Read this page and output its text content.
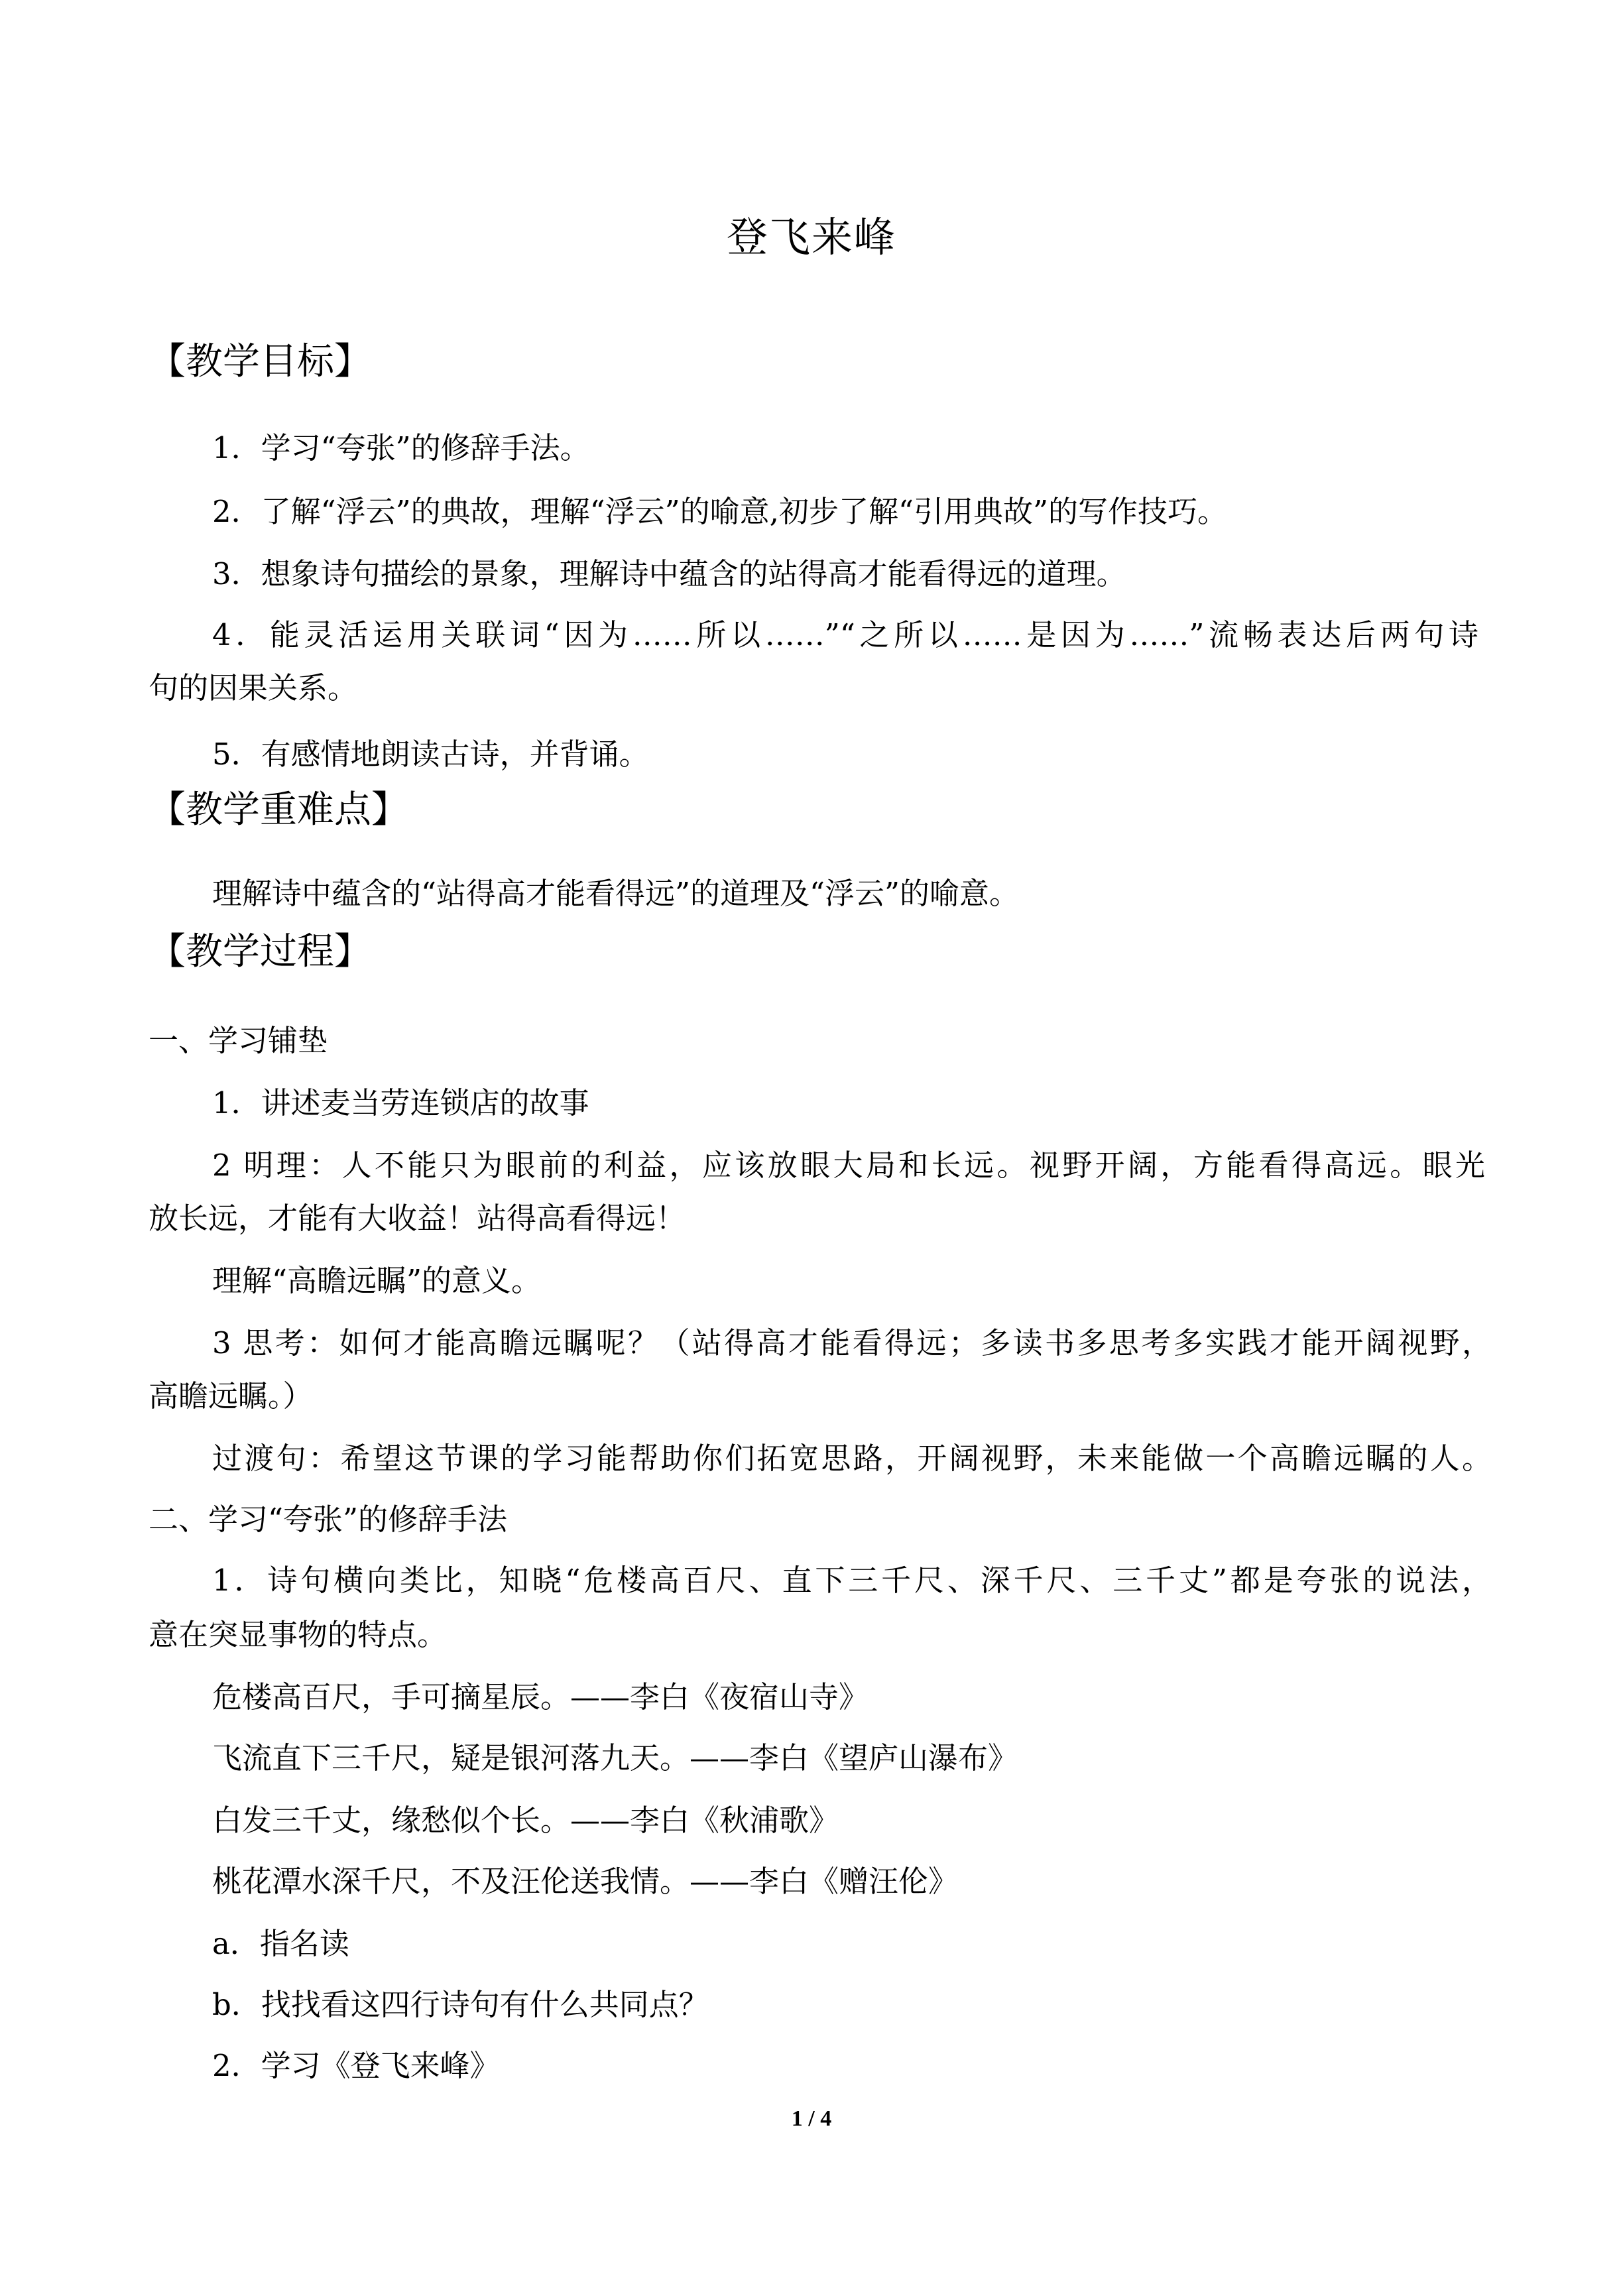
登飞来峰
【教学目标】
1．学习“夸张”的修辞手法。
2．了解“浮云”的典故，理解“浮云”的喻意,初步了解“引用典故”的写作技巧。
3．想象诗句描绘的景象，理解诗中蕴含的站得高才能看得远的道理。
4．能灵活运用关联词“因为……所以……”“之所以……是因为……”流畅表达后两句诗
句的因果关系。
5．有感情地朗读古诗，并背诵。
【教学重难点】
理解诗中蕴含的“站得高才能看得远”的道理及“浮云”的喻意。
【教学过程】
一、学习铺垫
1．讲述麦当劳连锁店的故事
2 明理：人不能只为眼前的利益，应该放眼大局和长远。视野开阔，方能看得高远。眼光
放长远，才能有大收益！站得高看得远！
理解“高瞻远瞩”的意义。
3 思考：如何才能高瞻远瞩呢？（站得高才能看得远；多读书多思考多实践才能开阔视野，
高瞻远瞩。）
过渡句：希望这节课的学习能帮助你们拓宽思路，开阔视野，未来能做一个高瞻远瞩的人。
二、学习“夸张”的修辞手法
1．诗句横向类比，知晓“危楼高百尺、直下三千尺、深千尺、三千丈”都是夸张的说法，
意在突显事物的特点。
危楼高百尺，手可摘星辰。——李白《夜宿山寺》
飞流直下三千尺，疑是银河落九天。——李白《望庐山瀑布》
白发三千丈，缘愁似个长。——李白《秋浦歌》
桃花潭水深千尺，不及汪伦送我情。——李白《赠汪伦》
a．指名读
b．找找看这四行诗句有什么共同点？
2．学习《登飞来峰》
1 / 4
